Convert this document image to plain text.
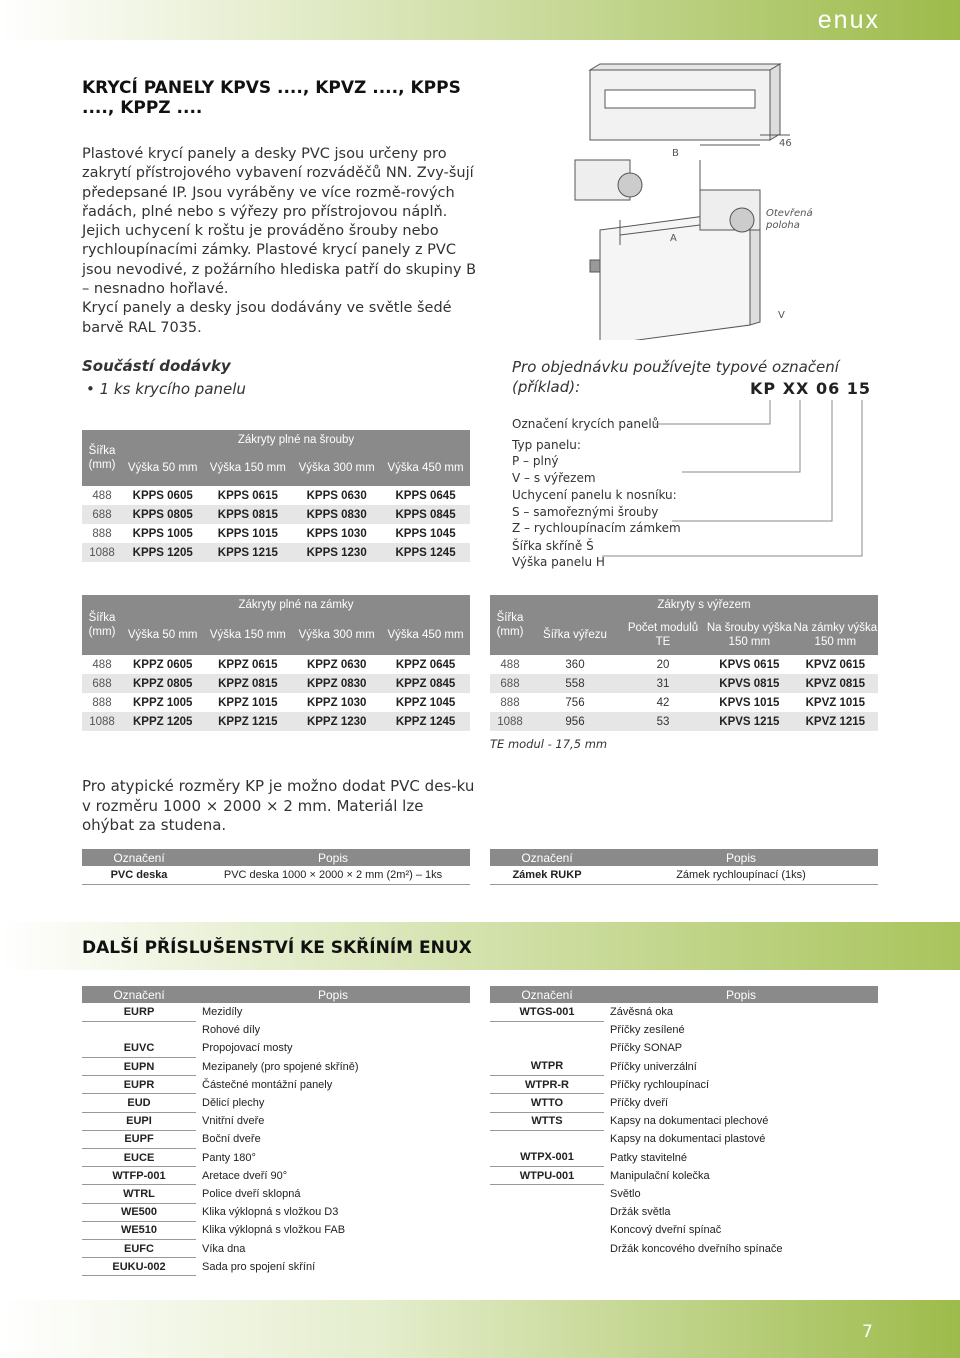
enux
KRYCÍ PANELY KPVS ...., KPVZ ...., KPPS ...., KPPZ ....

Plastové krycí panely a desky PVC jsou určeny pro zakrytí přístrojového vybavení rozváděčů NN. Zvy-šují předepsané IP. Jsou vyráběny ve více rozmě-rových řadách, plné nebo s výřezy pro přístrojovou náplň. Jejich uchycení k roštu je prováděno šrouby nebo rychloupínacími zámky. Plastové krycí panely z PVC jsou nevodivé, z požárního hlediska patří do skupiny B – nesnadno hořlavé.

Krycí panely a desky jsou dodávány ve světle šedé barvě RAL 7035.

B
46
A
V
Otevřená poloha
Součástí dodávky
• 1 ks krycího panelu
Pro objednávku používejte typové označení (příklad):	KP XX 06 15
Označení krycích panelů
Typ panelu:
P – plný
V – s výřezem
Uchycení panelu k nosníku:
S – samořeznými šrouby
Z – rychloupínacím zámkem
Šířka skříně Š
Výška panelu H
Šířka (mm)	Zákryty plné na šrouby			
	Výška 50 mm	Výška 150 mm	Výška 300 mm	Výška 450 mm
488	KPPS 0605	KPPS 0615	KPPS 0630	KPPS 0645
688	KPPS 0805	KPPS 0815	KPPS 0830	KPPS 0845
888	KPPS 1005	KPPS 1015	KPPS 1030	KPPS 1045
1088	KPPS 1205	KPPS 1215	KPPS 1230	KPPS 1245
Šířka (mm)	Zákryty plné na zámky			
	Výška 50 mm	Výška 150 mm	Výška 300 mm	Výška 450 mm
488	KPPZ 0605	KPPZ 0615	KPPZ 0630	KPPZ 0645
688	KPPZ 0805	KPPZ 0815	KPPZ 0830	KPPZ 0845
888	KPPZ 1005	KPPZ 1015	KPPZ 1030	KPPZ 1045
1088	KPPZ 1205	KPPZ 1215	KPPZ 1230	KPPZ 1245
Šířka (mm)	Zákryty s výřezem			
	Šířka výřezu	Počet modulů TE	Na šrouby výška 150 mm	Na zámky výška 150 mm
488	360	20	KPVS 0615	KPVZ 0615
688	558	31	KPVS 0815	KPVZ 0815
888	756	42	KPVS 1015	KPVZ 1015
1088	956	53	KPVS 1215	KPVZ 1215
TE modul - 17,5 mm
Pro atypické rozměry KP je možno dodat PVC des-ku v rozměru 1000 × 2000 × 2 mm. Materiál lze ohýbat za studena.
Označení	Popis
PVC deska	PVC deska 1000 × 2000 × 2 mm (2m²) – 1ks
Označení	Popis
Zámek RUKP	Zámek rychloupínací (1ks)
DALŠÍ PŘÍSLUŠENSTVÍ KE SKŘÍNÍM ENUX
Označení	Popis
EURP	Mezidíly
	Rohové díly
EUVC	Propojovací mosty
EUPN	Mezipanely (pro spojené skříně)
EUPR	Částečné montážní panely
EUD	Dělicí plechy
EUPI	Vnitřní dveře
EUPF	Boční dveře
EUCE	Panty 180°
WTFP-001	Aretace dveří 90°
WTRL	Police dveří sklopná
WE500	Klika výklopná s vložkou D3
WE510	Klika výklopná s vložkou FAB
EUFC	Víka dna
EUKU-002	Sada pro spojení skříní
Označení	Popis
WTGS-001	Závěsná oka
	Příčky zesílené
	Příčky SONAP
WTPR	Příčky univerzální
WTPR-R	Příčky rychloupínací
WTTO	Příčky dveří
WTTS	Kapsy na dokumentaci plechové
	Kapsy na dokumentaci plastové
WTPX-001	Patky stavitelné
WTPU-001	Manipulační kolečka
	Světlo
	Držák světla
	Koncový dveřní spínač
	Držák koncového dveřního spínače
7
